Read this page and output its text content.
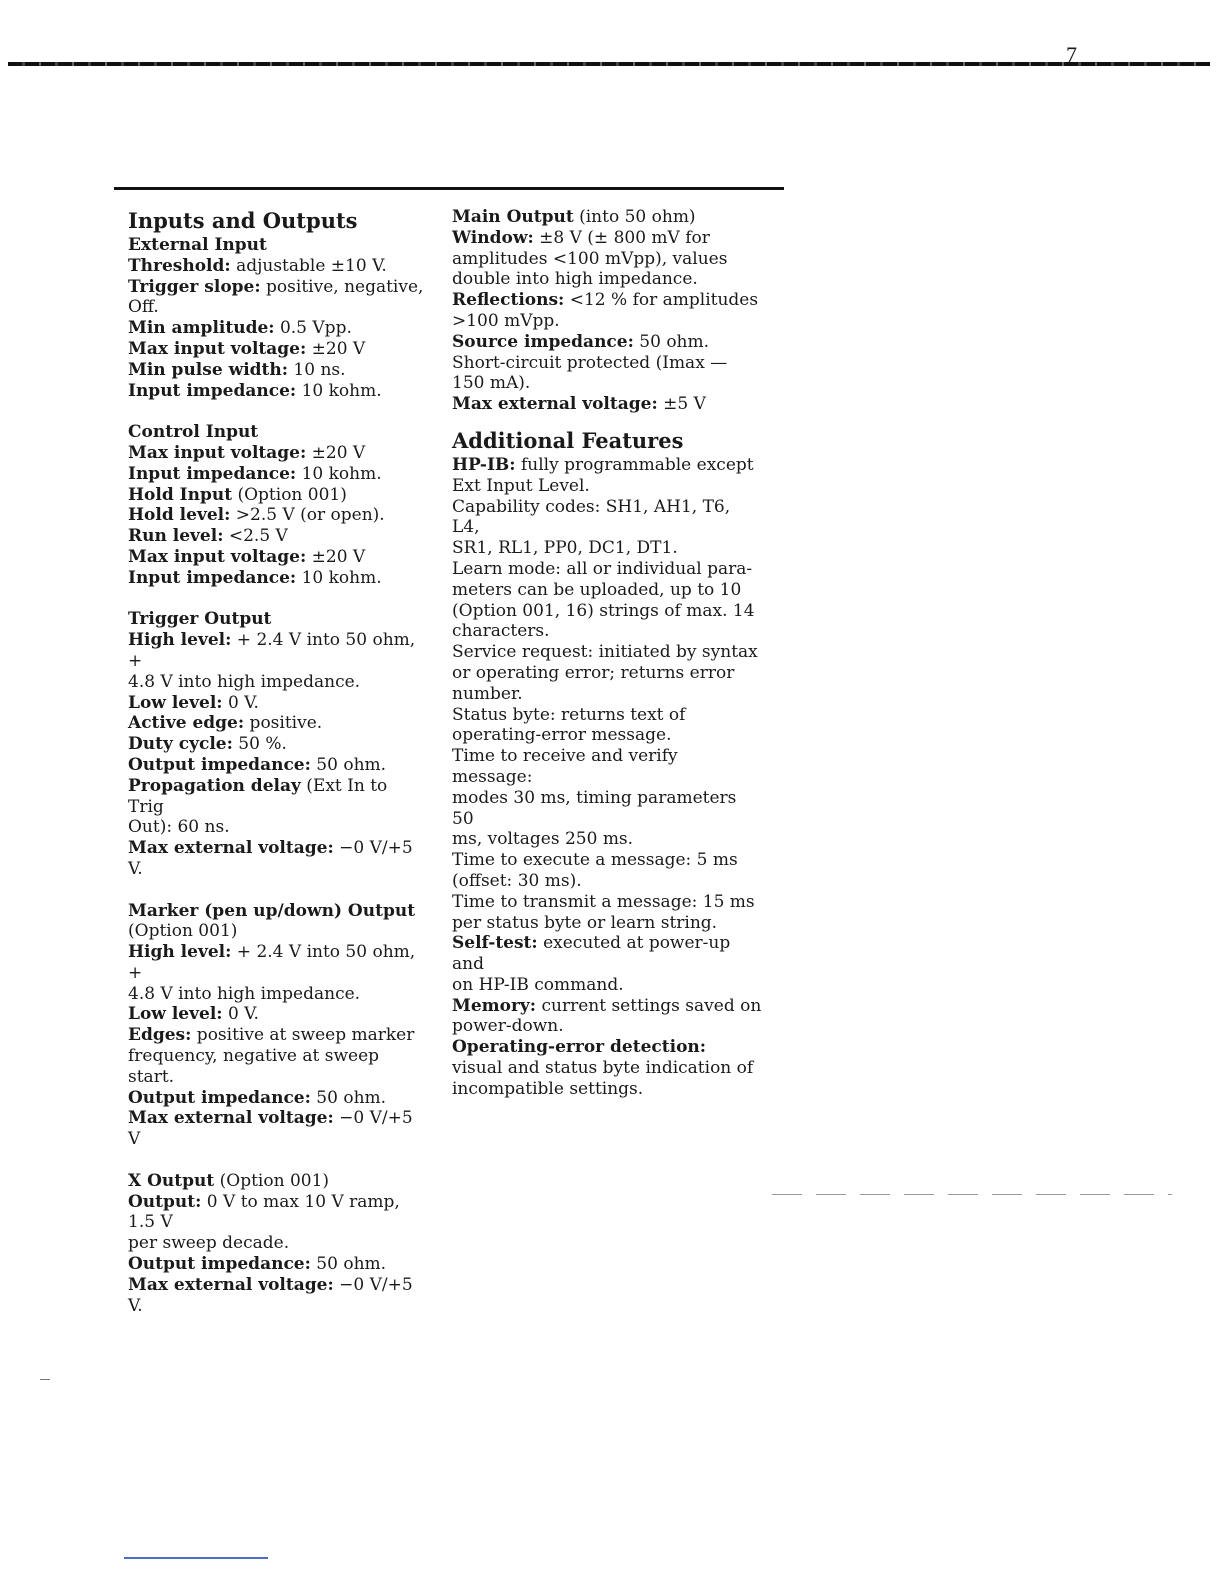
7

Inputs and Outputs

External Input

Threshold: adjustable ±10 V.

Trigger slope: positive, negative,

Off.

Min amplitude: 0.5 Vpp.

Max input voltage: ±20 V

Min pulse width: 10 ns.

Input impedance: 10 kohm.

Control Input

Max input voltage: ±20 V

Input impedance: 10 kohm.

Hold Input (Option 001)

Hold level: >2.5 V (or open).

Run level: <2.5 V

Max input voltage: ±20 V

Input impedance: 10 kohm.

Trigger Output

High level: + 2.4 V into 50 ohm, +

4.8 V into high impedance.

Low level: 0 V.

Active edge: positive.

Duty cycle: 50 %.

Output impedance: 50 ohm.

Propagation delay (Ext In to Trig

Out): 60 ns.

Max external voltage: −0 V/+5 V.

Marker (pen up/down) Output

(Option 001)

High level: + 2.4 V into 50 ohm, +

4.8 V into high impedance.

Low level: 0 V.

Edges: positive at sweep marker

frequency, negative at sweep start.

Output impedance: 50 ohm.

Max external voltage: −0 V/+5 V

X Output (Option 001)

Output: 0 V to max 10 V ramp, 1.5 V

per sweep decade.

Output impedance: 50 ohm.

Max external voltage: −0 V/+5 V.

Main Output (into 50 ohm)

Window: ±8 V (± 800 mV for

amplitudes <100 mVpp), values

double into high impedance.

Reflections: <12 % for amplitudes

>100 mVpp.

Source impedance: 50 ohm.

Short-circuit protected (Imax —

150 mA).

Max external voltage: ±5 V

Additional Features

HP-IB: fully programmable except

Ext Input Level.

Capability codes: SH1, AH1, T6, L4,

SR1, RL1, PP0, DC1, DT1.

Learn mode: all or individual para-

meters can be uploaded, up to 10

(Option 001, 16) strings of max. 14

characters.

Service request: initiated by syntax

or operating error; returns error

number.

Status byte: returns text of

operating-error message.

Time to receive and verify message:

modes 30 ms, timing parameters 50

ms, voltages 250 ms.

Time to execute a message: 5 ms

(offset: 30 ms).

Time to transmit a message: 15 ms

per status byte or learn string.

Self-test: executed at power-up and

on HP-IB command.

Memory: current settings saved on

power-down.

Operating-error detection:

visual and status byte indication of

incompatible settings.
